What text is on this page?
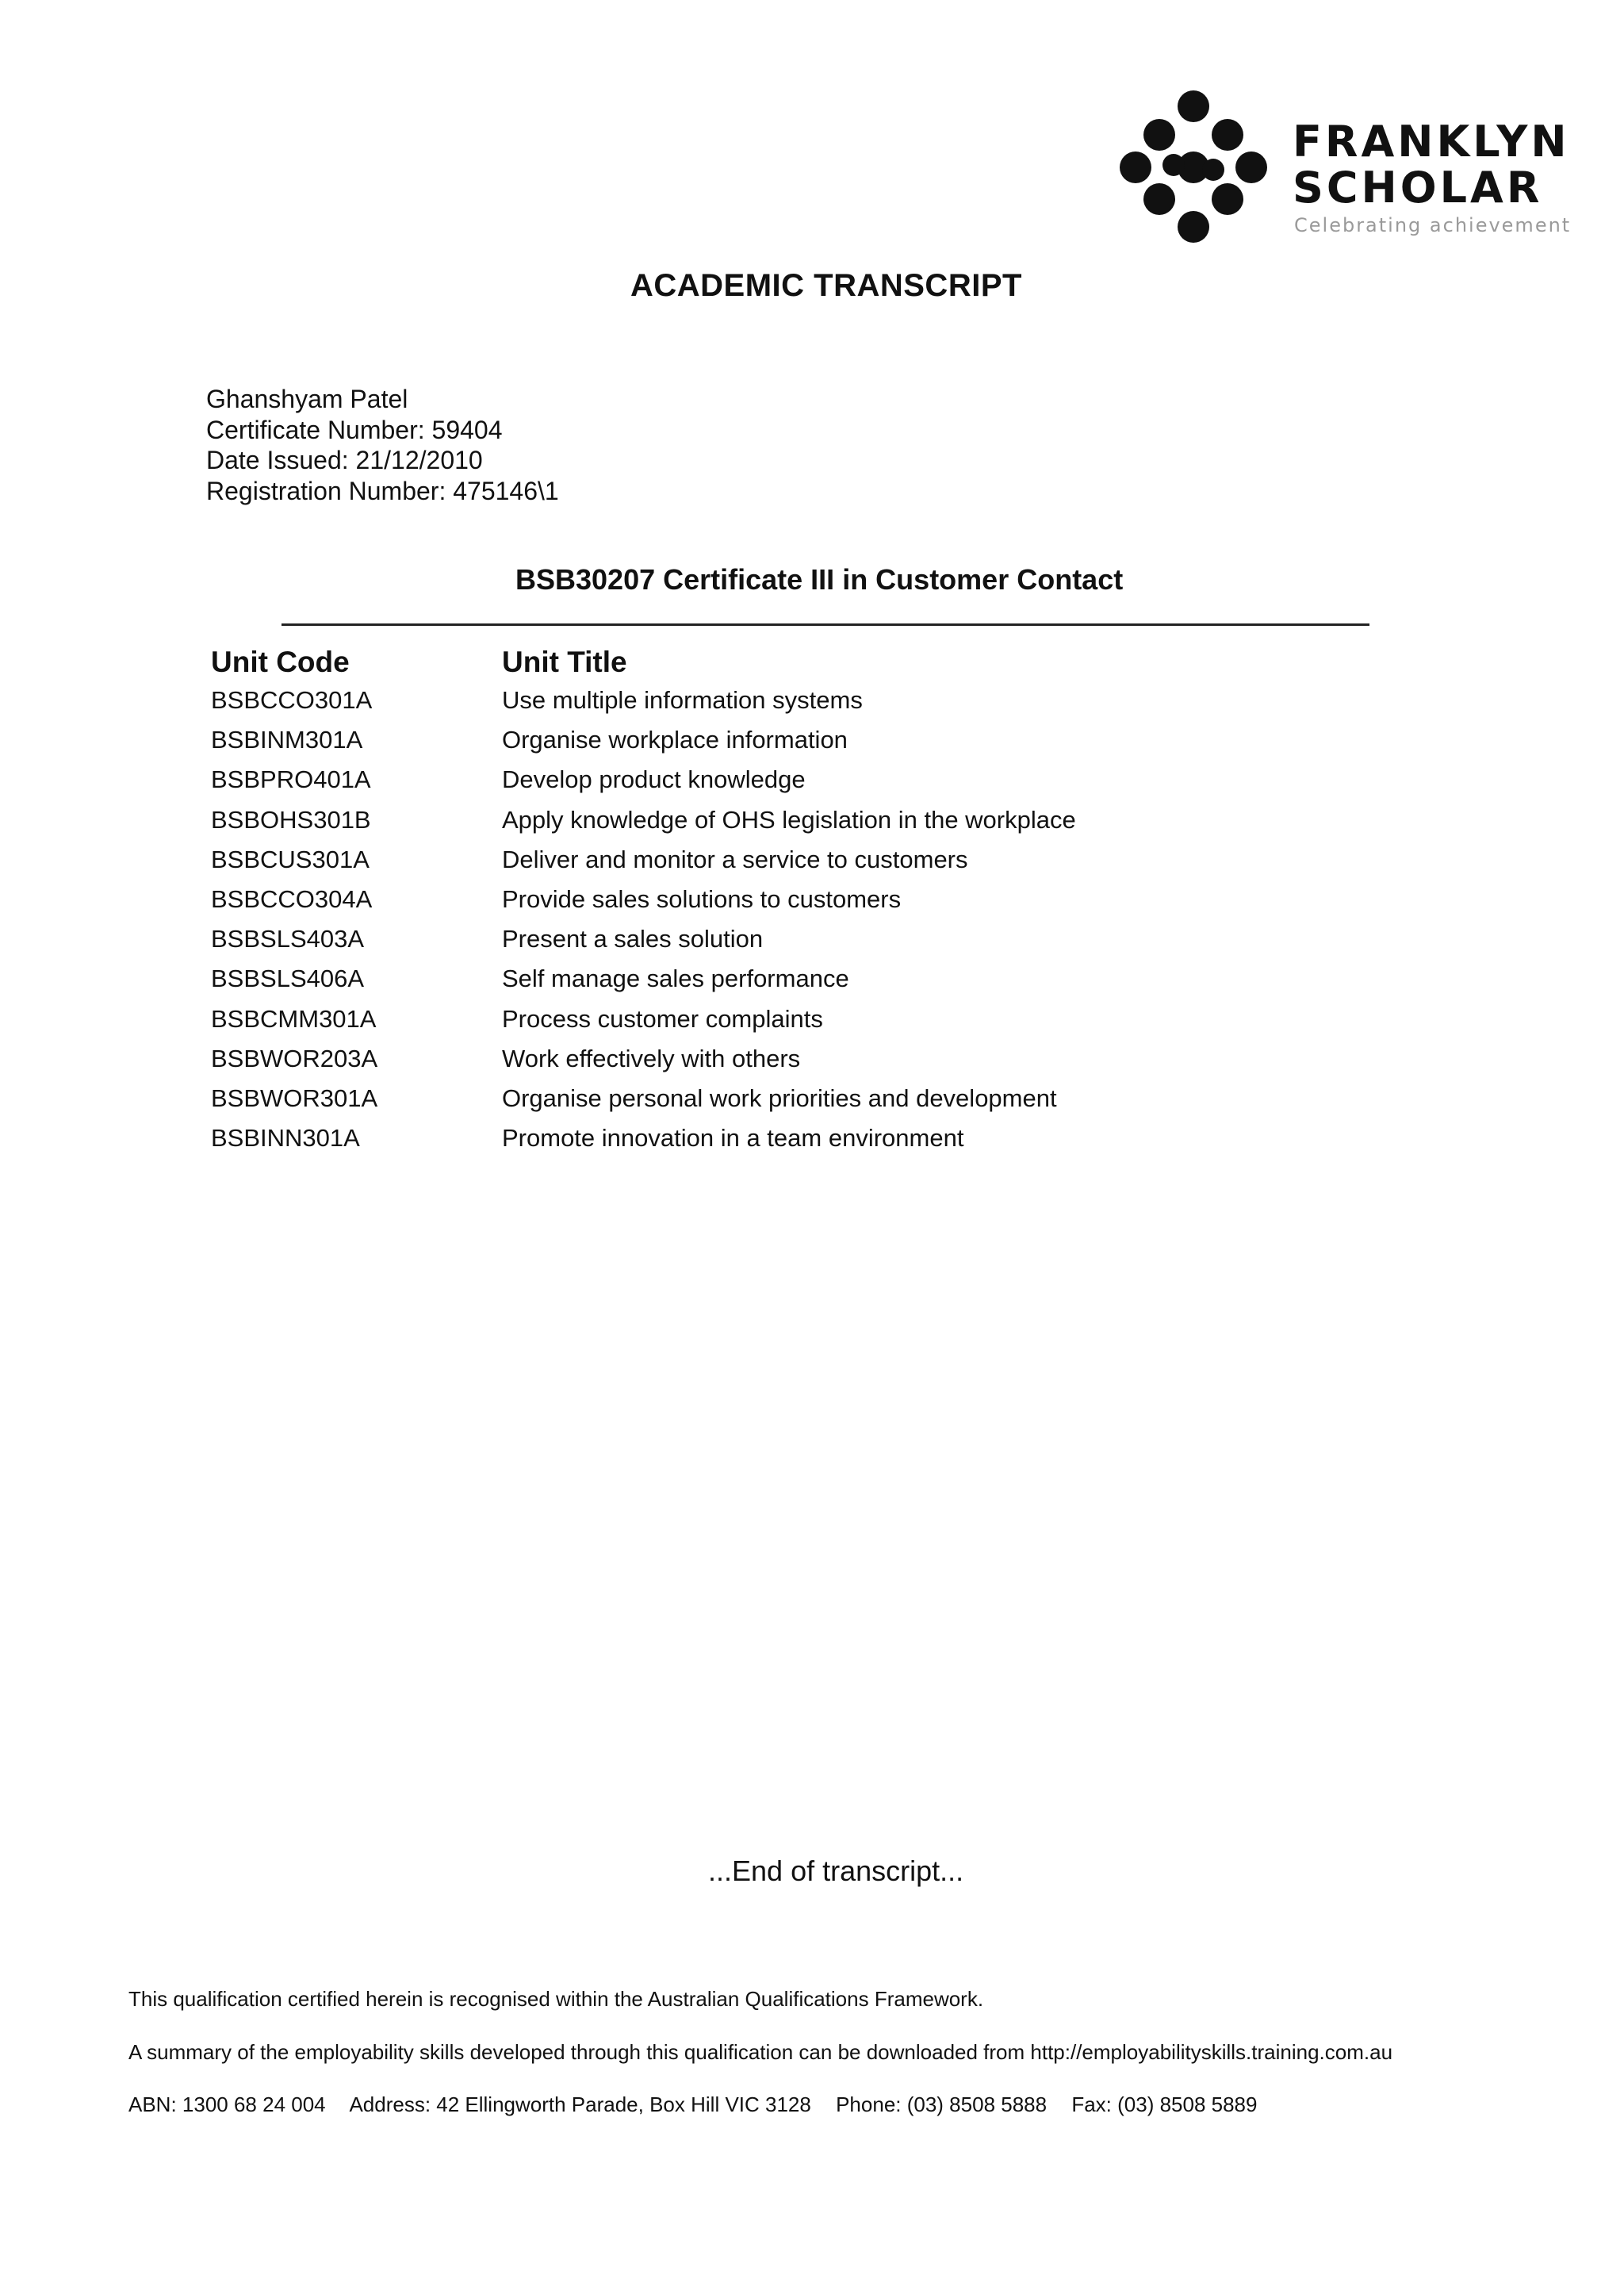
FRANKLYN
SCHOLAR
Celebrating achievement
ACADEMIC TRANSCRIPT
Ghanshyam Patel
Certificate Number: 59404
Date Issued: 21/12/2010
Registration Number: 475146\1
BSB30207 Certificate III in Customer Contact
Unit Code	Unit Title
BSBCCO301A	Use multiple information systems
BSBINM301A	Organise workplace information
BSBPRO401A	Develop product knowledge
BSBOHS301B	Apply knowledge of OHS legislation in the workplace
BSBCUS301A	Deliver and monitor a service to customers
BSBCCO304A	Provide sales solutions to customers
BSBSLS403A	Present a sales solution
BSBSLS406A	Self manage sales performance
BSBCMM301A	Process customer complaints
BSBWOR203A	Work effectively with others
BSBWOR301A	Organise personal work priorities and development
BSBINN301A	Promote innovation in a team environment
...End of transcript...
This qualification certified herein is recognised within the Australian Qualifications Framework.
A summary of the employability skills developed through this qualification can be downloaded from http://employabilityskills.training.com.au
ABN: 1300 68 24 004 Address: 42 Ellingworth Parade, Box Hill VIC 3128 Phone: (03) 8508 5888 Fax: (03) 8508 5889
